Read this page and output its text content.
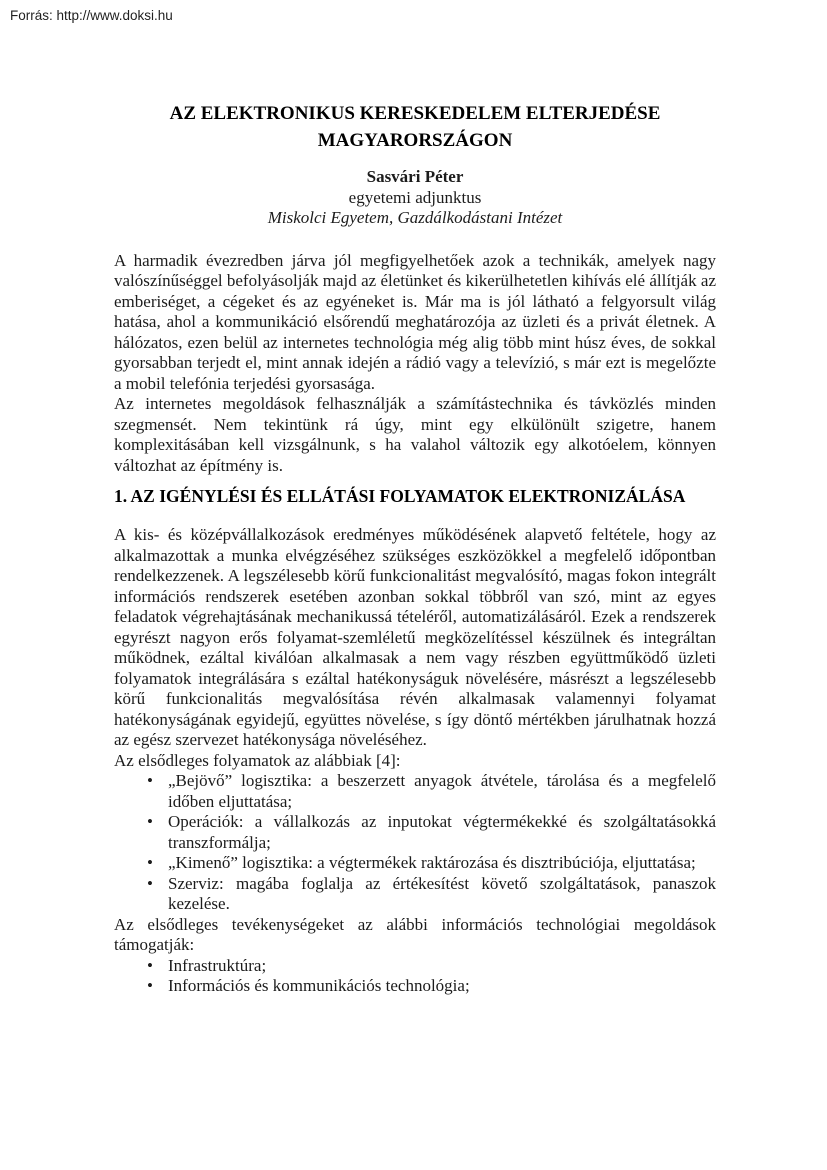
Forrás: http://www.doksi.hu
AZ ELEKTRONIKUS KERESKEDELEM ELTERJEDÉSE MAGYARORSZÁGON
Sasvári Péter
egyetemi adjunktus
Miskolci Egyetem, Gazdálkodástani Intézet

A harmadik évezredben járva jól megfigyelhetőek azok a technikák, amelyek nagy valószínűséggel befolyásolják majd az életünket és kikerülhetetlen kihívás elé állítják az emberiséget, a cégeket és az egyéneket is. Már ma is jól látható a felgyorsult világ hatása, ahol a kommunikáció elsőrendű meghatározója az üzleti és a privát életnek. A hálózatos, ezen belül az internetes technológia még alig több mint húsz éves, de sokkal gyorsabban terjedt el, mint annak idején a rádió vagy a televízió, s már ezt is megelőzte a mobil telefónia terjedési gyorsasága.

Az internetes megoldások felhasználják a számítástechnika és távközlés minden szegmensét. Nem tekintünk rá úgy, mint egy elkülönült szigetre, hanem komplexitásában kell vizsgálnunk, s ha valahol változik egy alkotóelem, könnyen változhat az építmény is.

1. AZ IGÉNYLÉSI ÉS ELLÁTÁSI FOLYAMATOK ELEKTRONIZÁLÁSA

A kis- és középvállalkozások eredményes működésének alapvető feltétele, hogy az alkalmazottak a munka elvégzéséhez szükséges eszközökkel a megfelelő időpontban rendelkezzenek. A legszélesebb körű funkcionalitást megvalósító, magas fokon integrált információs rendszerek esetében azonban sokkal többről van szó, mint az egyes feladatok végrehajtásának mechanikussá tételéről, automatizálásáról. Ezek a rendszerek egyrészt nagyon erős folyamat-szemléletű megközelítéssel készülnek és integráltan működnek, ezáltal kiválóan alkalmasak a nem vagy részben együttműködő üzleti folyamatok integrálására s ezáltal hatékonyságuk növelésére, másrészt a legszélesebb körű funkcionalitás megvalósítása révén alkalmasak valamennyi folyamat hatékonyságának egyidejű, együttes növelése, s így döntő mértékben járulhatnak hozzá az egész szervezet hatékonysága növeléséhez.

Az elsődleges folyamatok az alábbiak [4]:

• „Bejövő” logisztika: a beszerzett anyagok átvétele, tárolása és a megfelelő időben eljuttatása;
• Operációk: a vállalkozás az inputokat végtermékekké és szolgáltatásokká transzformálja;
• „Kimenő” logisztika: a végtermékek raktározása és disztribúciója, eljuttatása;
• Szerviz: magába foglalja az értékesítést követő szolgáltatások, panaszok kezelése.

Az elsődleges tevékenységeket az alábbi információs technológiai megoldások támogatják:

• Infrastruktúra;
• Információs és kommunikációs technológia;
